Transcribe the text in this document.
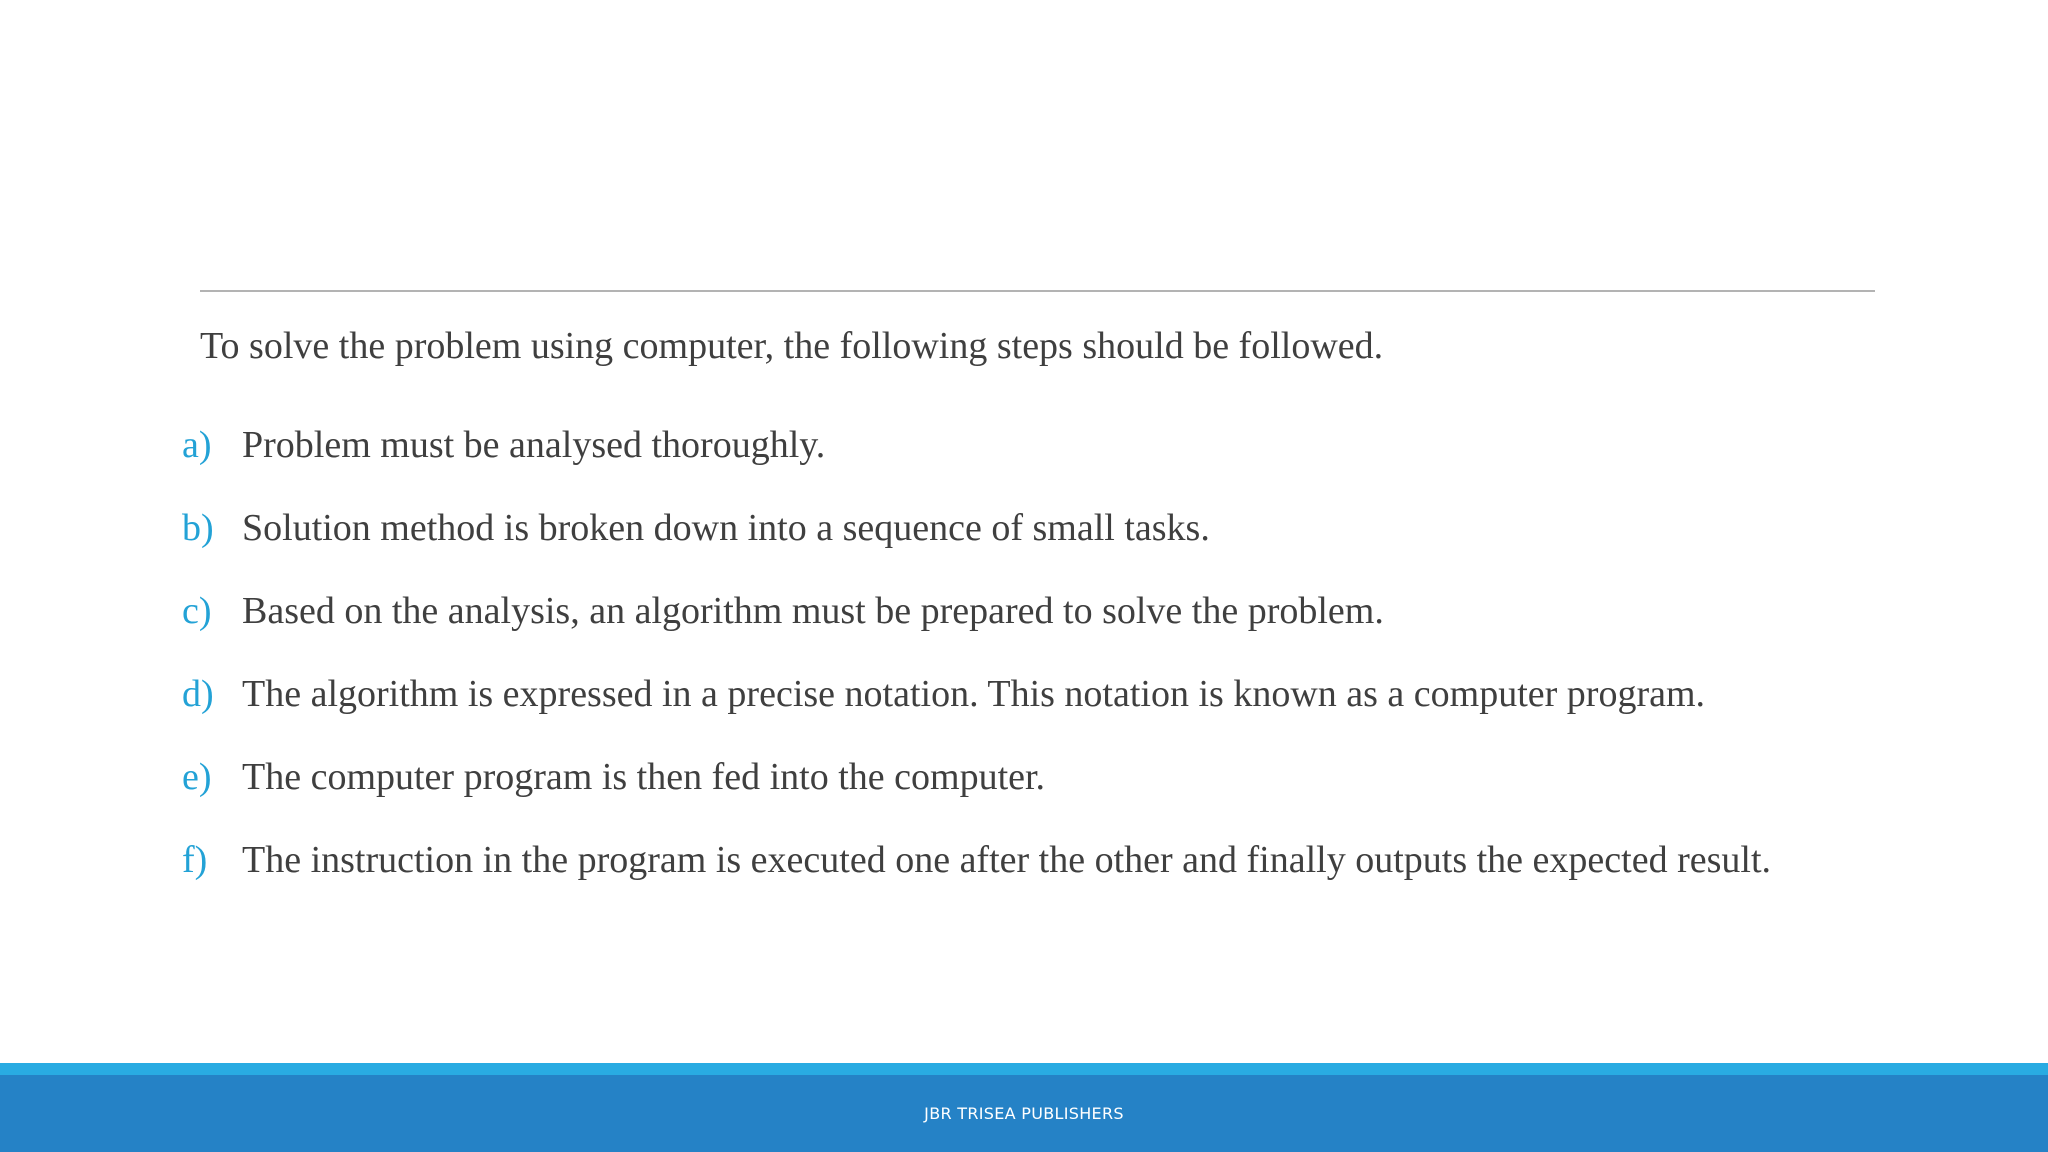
To solve the problem using computer, the following steps should be followed.

a) Problem must be analysed thoroughly.
b) Solution method is broken down into a sequence of small tasks.
c) Based on the analysis, an algorithm must be prepared to solve the problem.
d) The algorithm is expressed in a precise notation. This notation is known as a computer program.
e) The computer program is then fed into the computer.
f) The instruction in the program is executed one after the other and finally outputs the expected result.
JBR TRISEA PUBLISHERS
